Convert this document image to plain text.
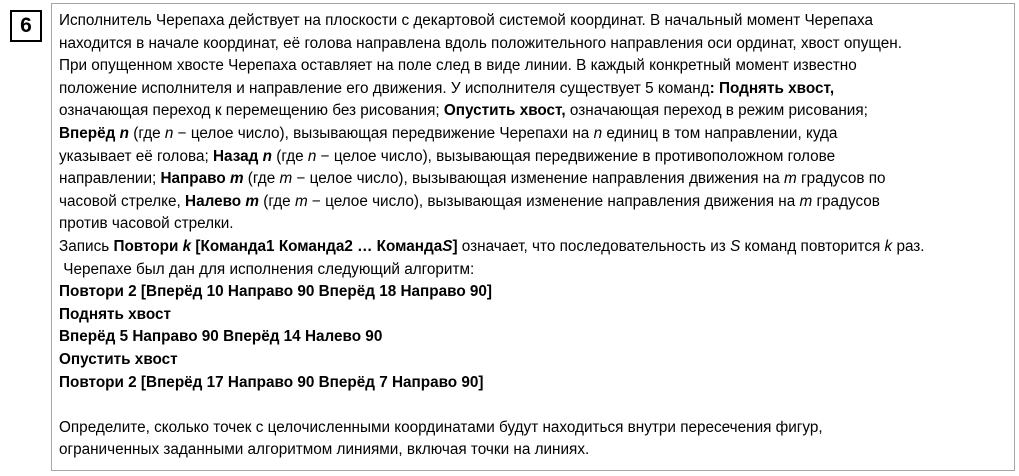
6 Исполнитель Черепаха действует на плоскости с декартовой системой координат. В начальный момент Черепаха
находится в начале координат, её голова направлена вдоль положительного направления оси ординат, хвост опущен.
При опущенном хвосте Черепаха оставляет на поле след в виде линии. В каждый конкретный момент известно
положение исполнителя и направление его движения. У исполнителя существует 5 команд: Поднять хвост,
означающая переход к перемещению без рисования; Опустить хвост, означающая переход в режим рисования;
Вперёд n (где n − целое число), вызывающая передвижение Черепахи на n единиц в том направлении, куда
указывает её голова; Назад n (где n − целое число), вызывающая передвижение в противоположном голове
направлении; Направо m (где m − целое число), вызывающая изменение направления движения на m градусов по
часовой стрелке, Налево m (где m − целое число), вызывающая изменение направления движения на m градусов
против часовой стрелки.
Запись Повтори k [Команда1 Команда2 … КомандаS] означает, что последовательность из S команд повторится k раз.
Черепахе был дан для исполнения следующий алгоритм:
Повтори 2 [Вперёд 10 Направо 90 Вперёд 18 Направо 90]
Поднять хвост
Вперёд 5 Направо 90 Вперёд 14 Налево 90
Опустить хвост
Повтори 2 [Вперёд 17 Направо 90 Вперёд 7 Направо 90]
Определите, сколько точек с целочисленными координатами будут находиться внутри пересечения фигур,
ограниченных заданными алгоритмом линиями, включая точки на линиях.
